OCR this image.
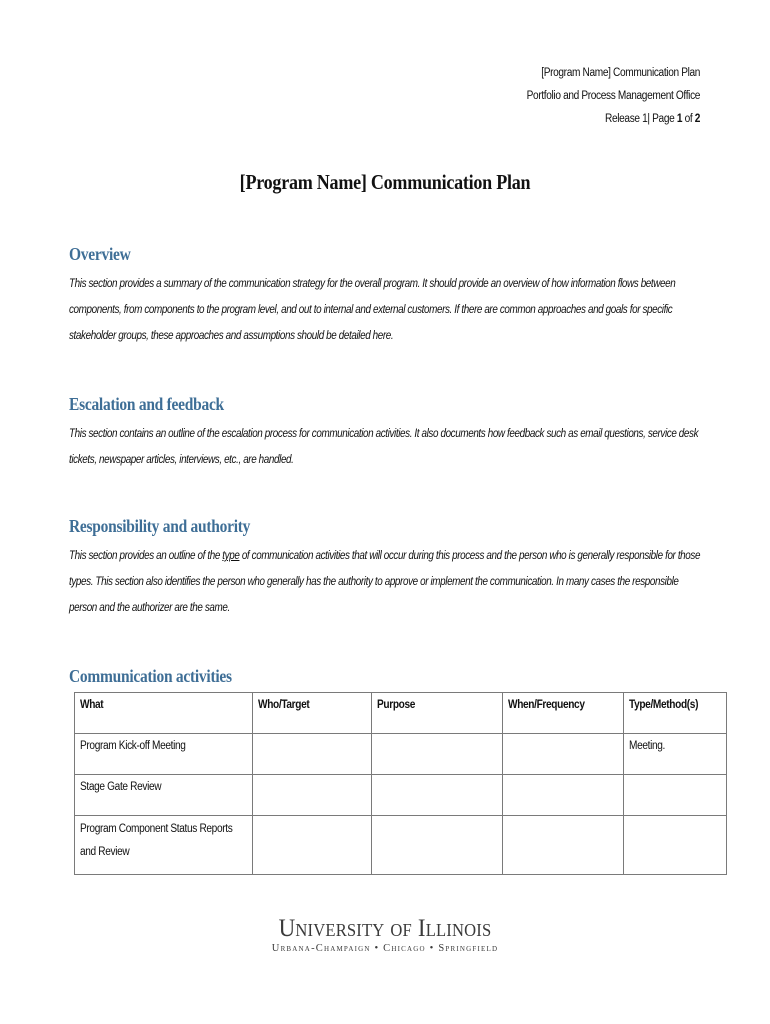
[Program Name] Communication Plan
Portfolio and Process Management Office
Release 1| Page 1 of 2
[Program Name] Communication Plan
Overview

This section provides a summary of the communication strategy for the overall program. It should provide an overview of how information flows between components, from components to the program level, and out to internal and external customers. If there are common approaches and goals for specific stakeholder groups, these approaches and assumptions should be detailed here.

Escalation and feedback

This section contains an outline of the escalation process for communication activities. It also documents how feedback such as email questions, service desk tickets, newspaper articles, interviews, etc., are handled.

Responsibility and authority

This section provides an outline of the type of communication activities that will occur during this process and the person who is generally responsible for those types. This section also identifies the person who generally has the authority to approve or implement the communication. In many cases the responsible person and the authorizer are the same.

Communication activities
What	Who/Target	Purpose	When/Frequency	Type/Method(s)

Program Kick-off Meeting				Meeting.

Stage Gate Review				

Program Component Status Reports and Review				

University of Illinois
Urbana-Champaign • Chicago • Springfield
